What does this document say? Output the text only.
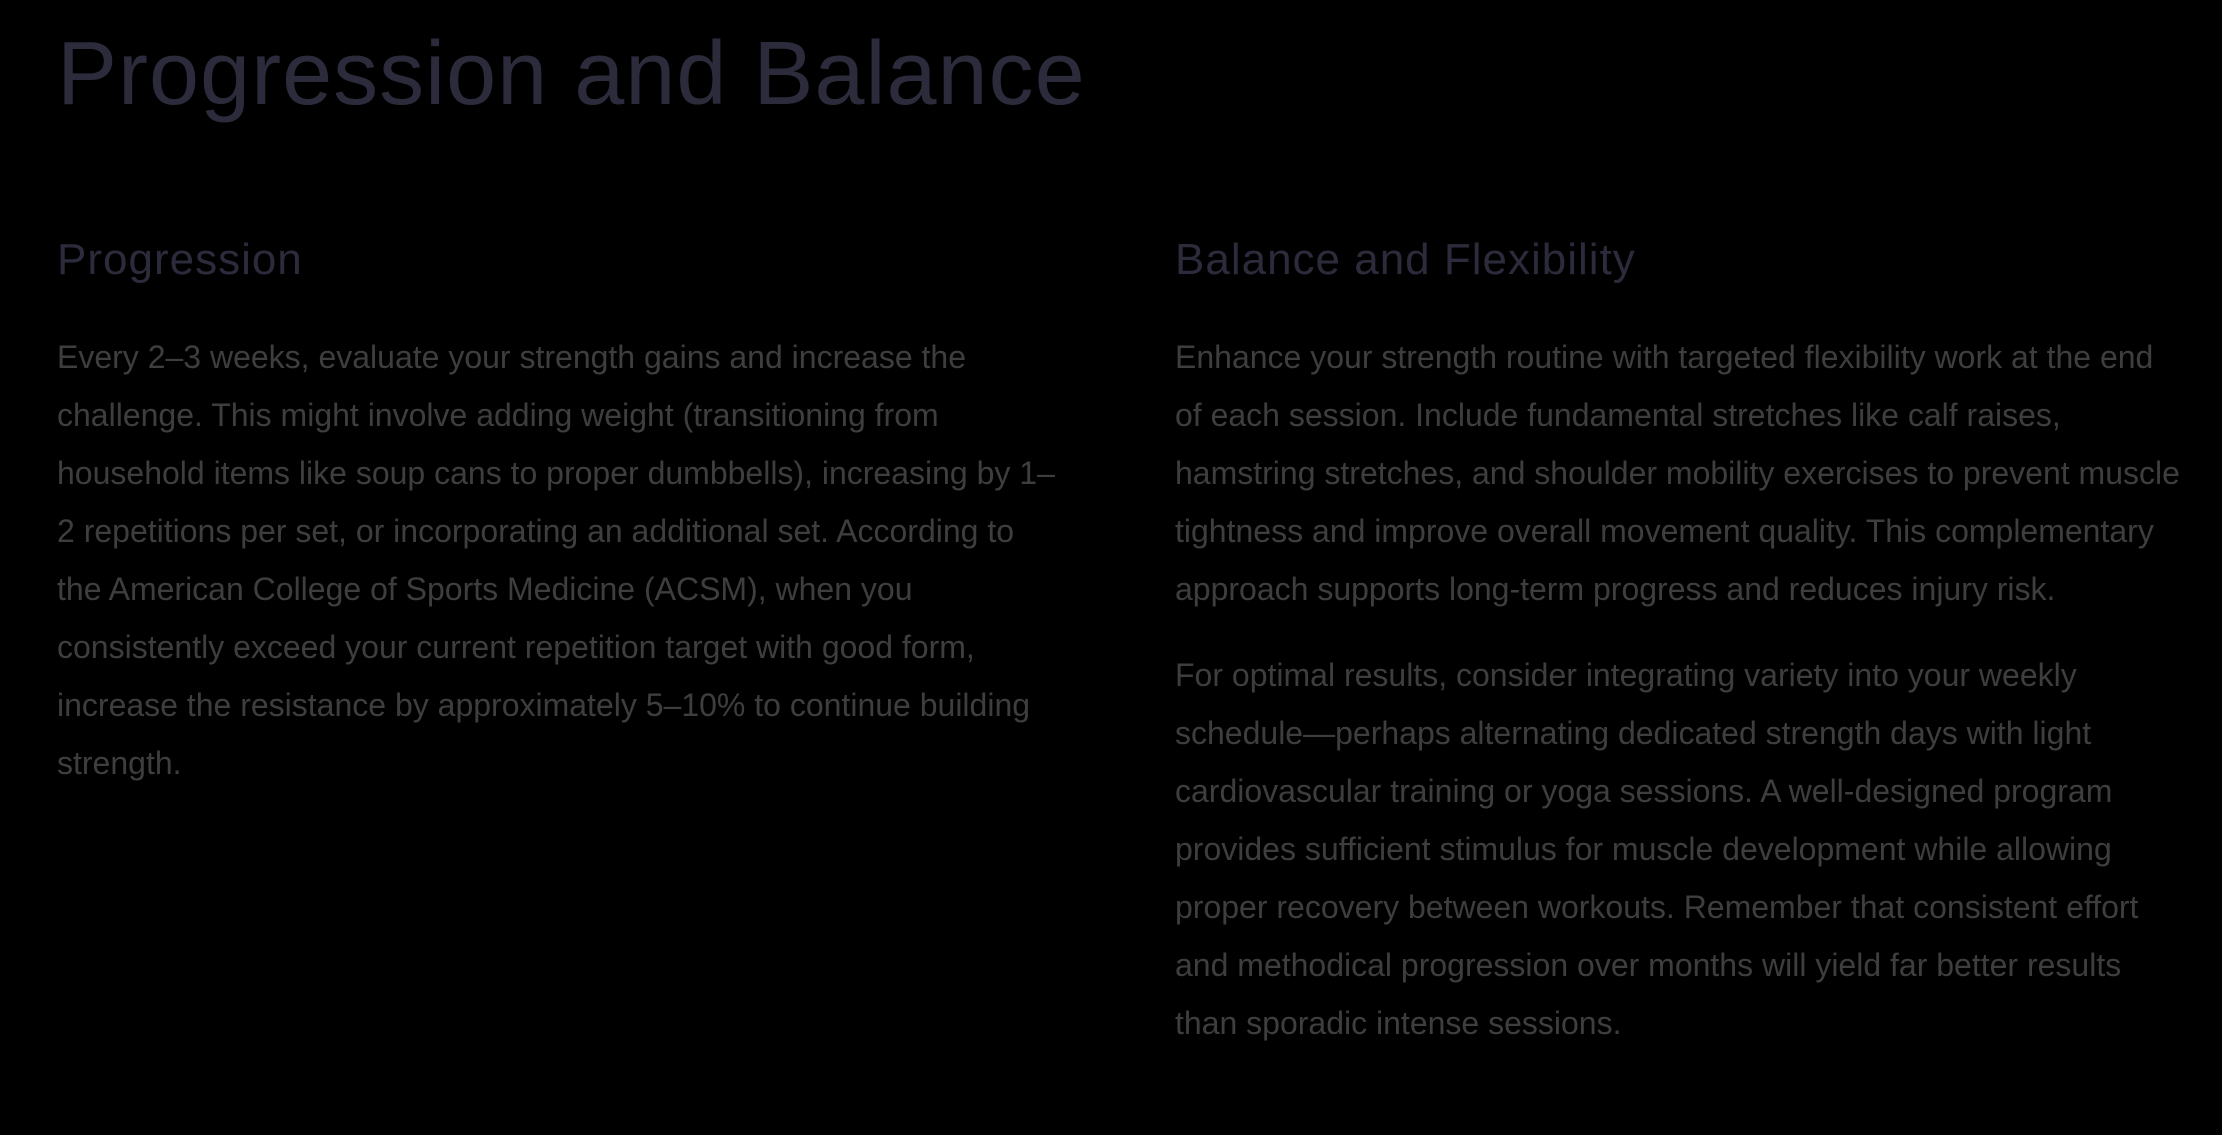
Progression and Balance
Progression

Every 2–3 weeks, evaluate your strength gains and increase the challenge. This might involve adding weight (transitioning from household items like soup cans to proper dumbbells), increasing by 1–2 repetitions per set, or incorporating an additional set. According to the American College of Sports Medicine (ACSM), when you consistently exceed your current repetition target with good form, increase the resistance by approximately 5–10% to continue building strength.

Balance and Flexibility

Enhance your strength routine with targeted flexibility work at the end of each session. Include fundamental stretches like calf raises, hamstring stretches, and shoulder mobility exercises to prevent muscle tightness and improve overall movement quality. This complementary approach supports long-term progress and reduces injury risk.

For optimal results, consider integrating variety into your weekly schedule—perhaps alternating dedicated strength days with light cardiovascular training or yoga sessions. A well-designed program provides sufficient stimulus for muscle development while allowing proper recovery between workouts. Remember that consistent effort and methodical progression over months will yield far better results than sporadic intense sessions.
